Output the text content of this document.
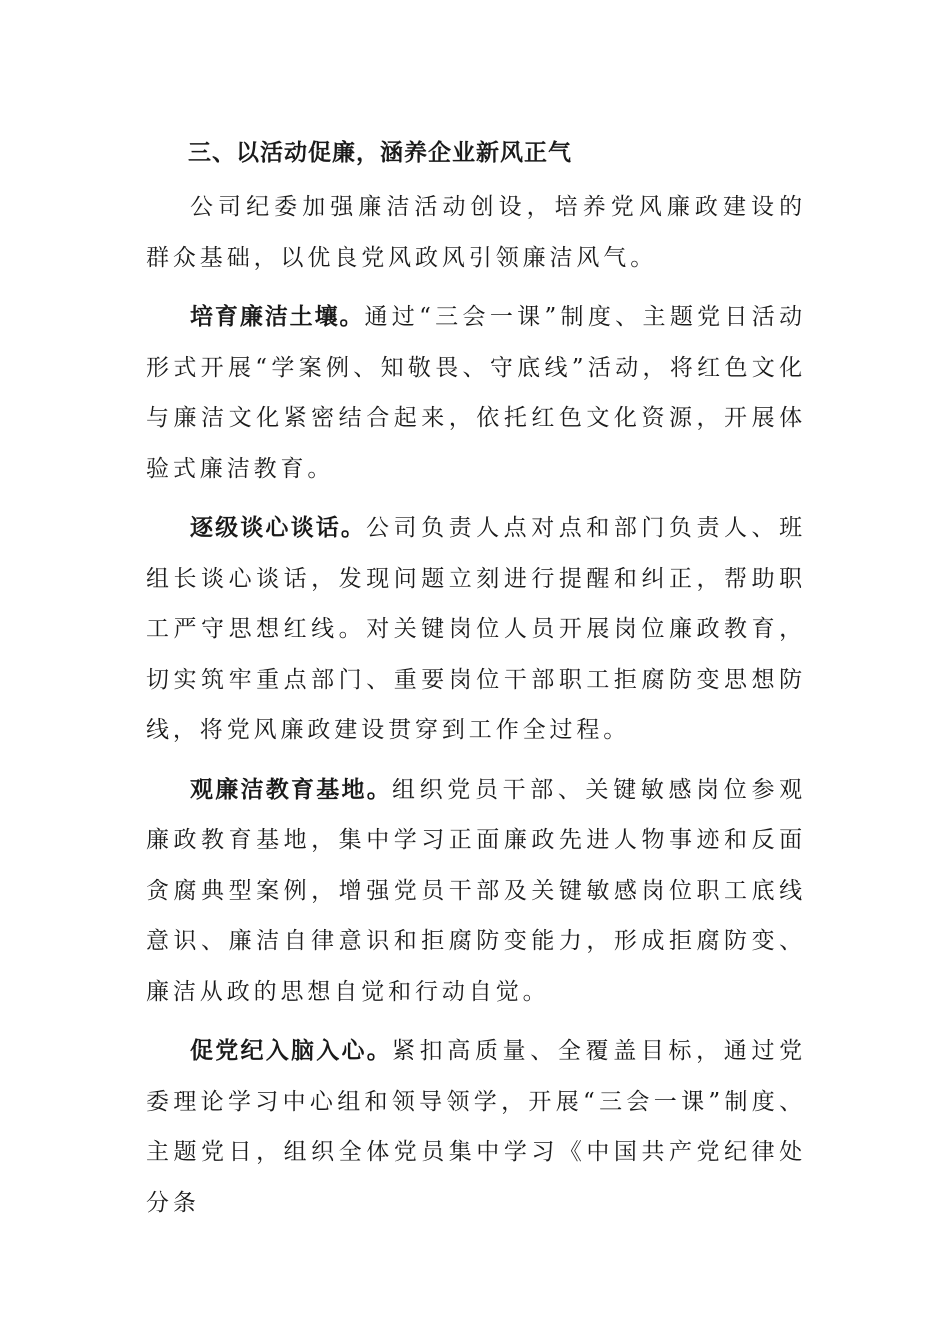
三、以活动促廉，涵养企业新风正气

公司纪委加强廉洁活动创设，培养党风廉政建设的群众基础，以优良党风政风引领廉洁风气。

培育廉洁土壤。通过“三会一课”制度、主题党日活动形式开展“学案例、知敬畏、守底线”活动，将红色文化与廉洁文化紧密结合起来，依托红色文化资源，开展体验式廉洁教育。

逐级谈心谈话。公司负责人点对点和部门负责人、班组长谈心谈话，发现问题立刻进行提醒和纠正，帮助职工严守思想红线。对关键岗位人员开展岗位廉政教育，切实筑牢重点部门、重要岗位干部职工拒腐防变思想防线，将党风廉政建设贯穿到工作全过程。

观廉洁教育基地。组织党员干部、关键敏感岗位参观廉政教育基地，集中学习正面廉政先进人物事迹和反面贪腐典型案例，增强党员干部及关键敏感岗位职工底线意识、廉洁自律意识和拒腐防变能力，形成拒腐防变、廉洁从政的思想自觉和行动自觉。

促党纪入脑入心。紧扣高质量、全覆盖目标，通过党委理论学习中心组和领导领学，开展“三会一课”制度、主题党日，组织全体党员集中学习《中国共产党纪律处分条
